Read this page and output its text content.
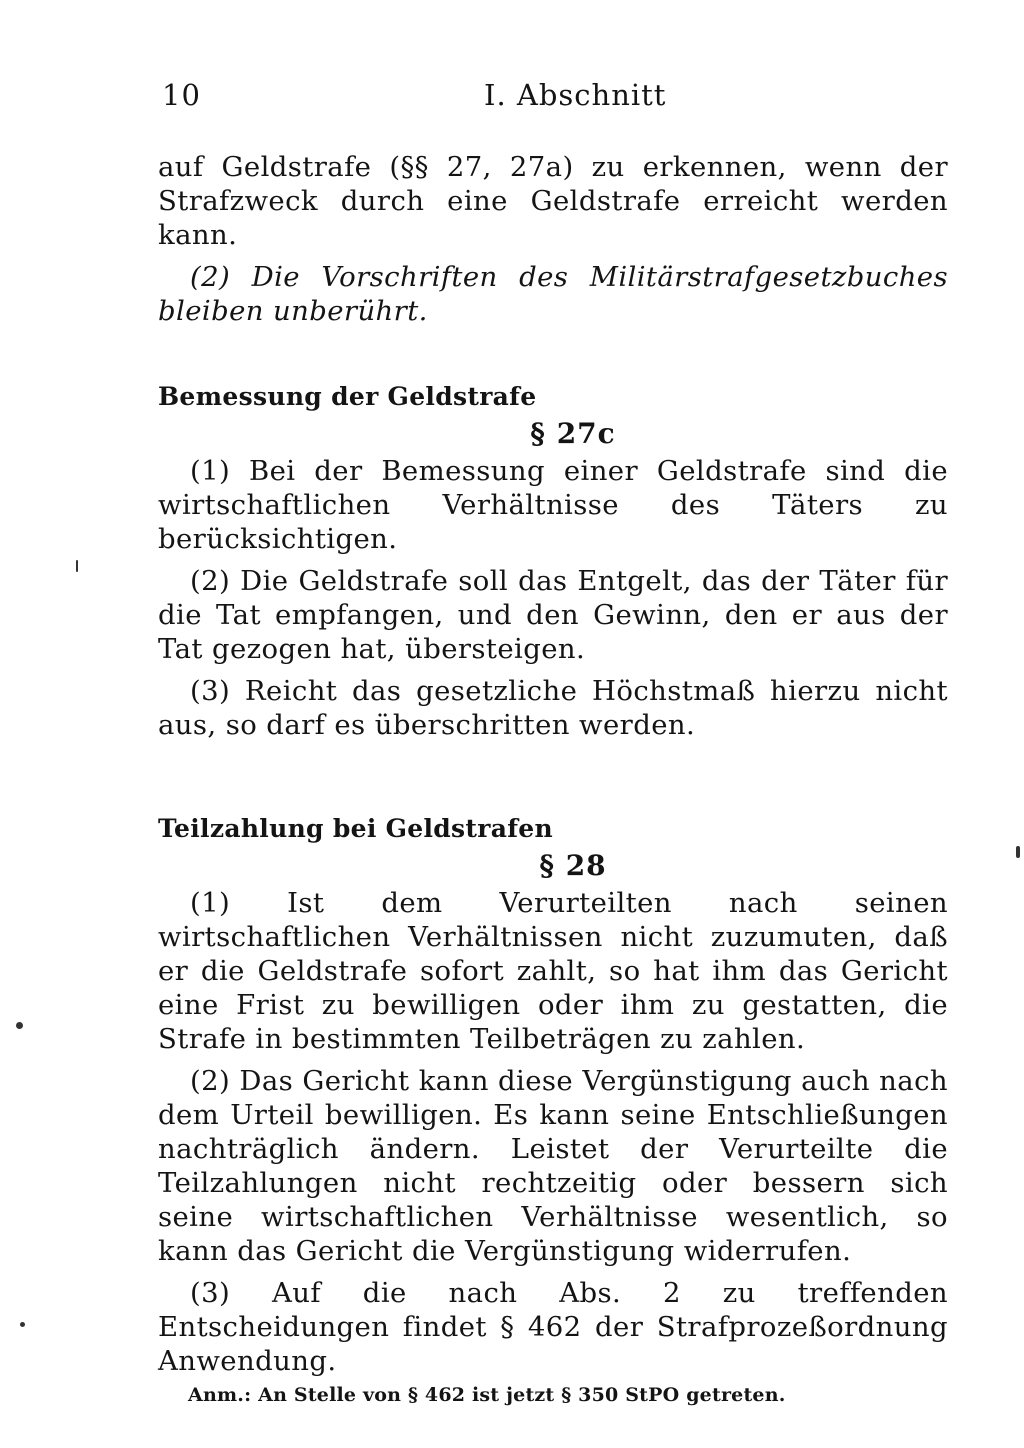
10	I. Abschnitt

auf Geldstrafe (§§ 27, 27a) zu erkennen, wenn der Strafzweck durch eine Geldstrafe erreicht werden kann.

(2) Die Vorschriften des Militärstrafgesetzbuches bleiben unberührt.

Bemessung der Geldstrafe

§ 27c

(1) Bei der Bemessung einer Geldstrafe sind die wirtschaftlichen Verhältnisse des Täters zu berücksichtigen.

(2) Die Geldstrafe soll das Entgelt, das der Täter für die Tat empfangen, und den Gewinn, den er aus der Tat gezogen hat, übersteigen.

(3) Reicht das gesetzliche Höchstmaß hierzu nicht aus, so darf es überschritten werden.

Teilzahlung bei Geldstrafen

§ 28

(1) Ist dem Verurteilten nach seinen wirtschaftlichen Verhältnissen nicht zuzumuten, daß er die Geldstrafe sofort zahlt, so hat ihm das Gericht eine Frist zu bewilligen oder ihm zu gestatten, die Strafe in bestimmten Teilbeträgen zu zahlen.

(2) Das Gericht kann diese Vergünstigung auch nach dem Urteil bewilligen. Es kann seine Entschließungen nachträglich ändern. Leistet der Verurteilte die Teilzahlungen nicht rechtzeitig oder bessern sich seine wirtschaftlichen Verhältnisse wesentlich, so kann das Gericht die Vergünstigung widerrufen.

(3) Auf die nach Abs. 2 zu treffenden Entscheidungen findet § 462 der Strafprozeßordnung Anwendung.

Anm.: An Stelle von § 462 ist jetzt § 350 StPO getreten.
